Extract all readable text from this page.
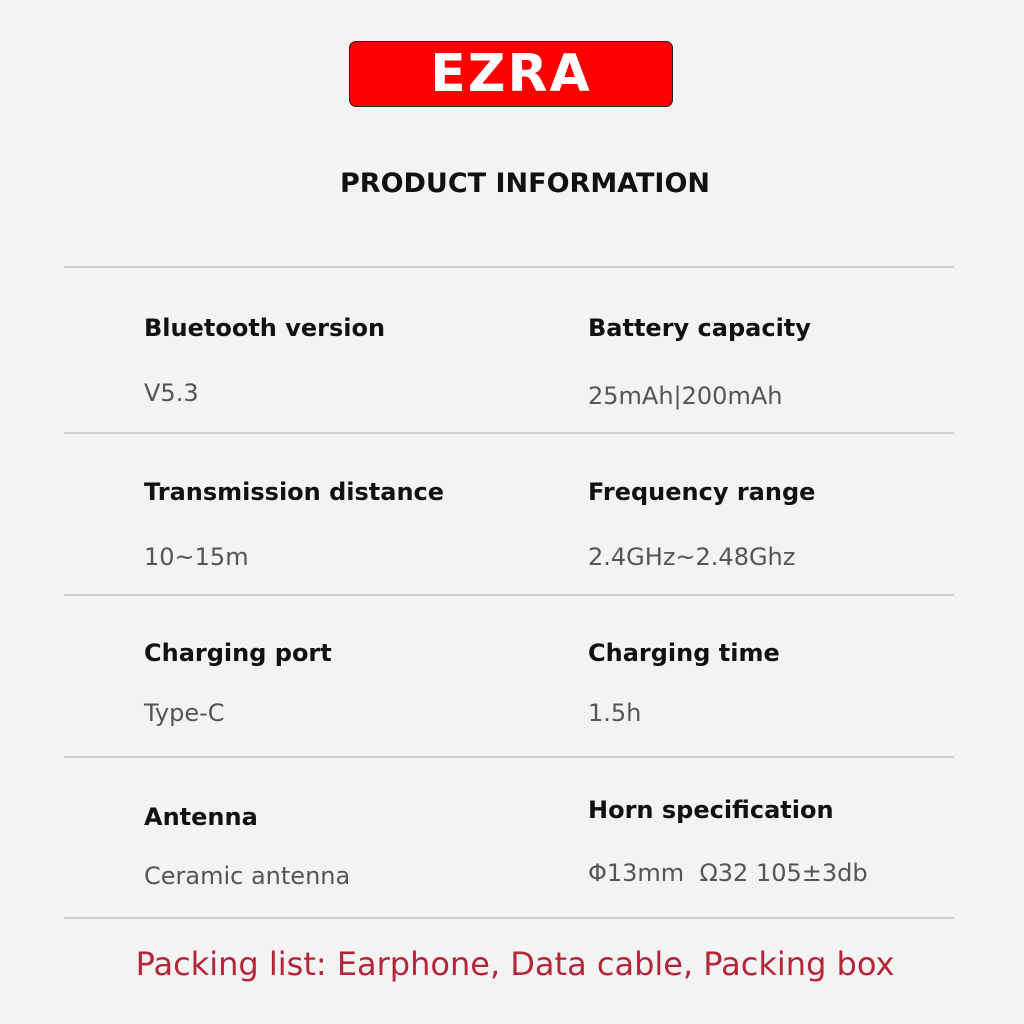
EZRA
PRODUCT INFORMATION
Bluetooth version
V5.3
Battery capacity
25mAh|200mAh
Transmission distance
10~15m
Frequency range
2.4GHz~2.48Ghz
Charging port
Type-C
Charging time
1.5h
Antenna
Ceramic antenna
Horn specification
Φ13mm  Ω32 105±3db
Packing list: Earphone, Data cable, Packing box
